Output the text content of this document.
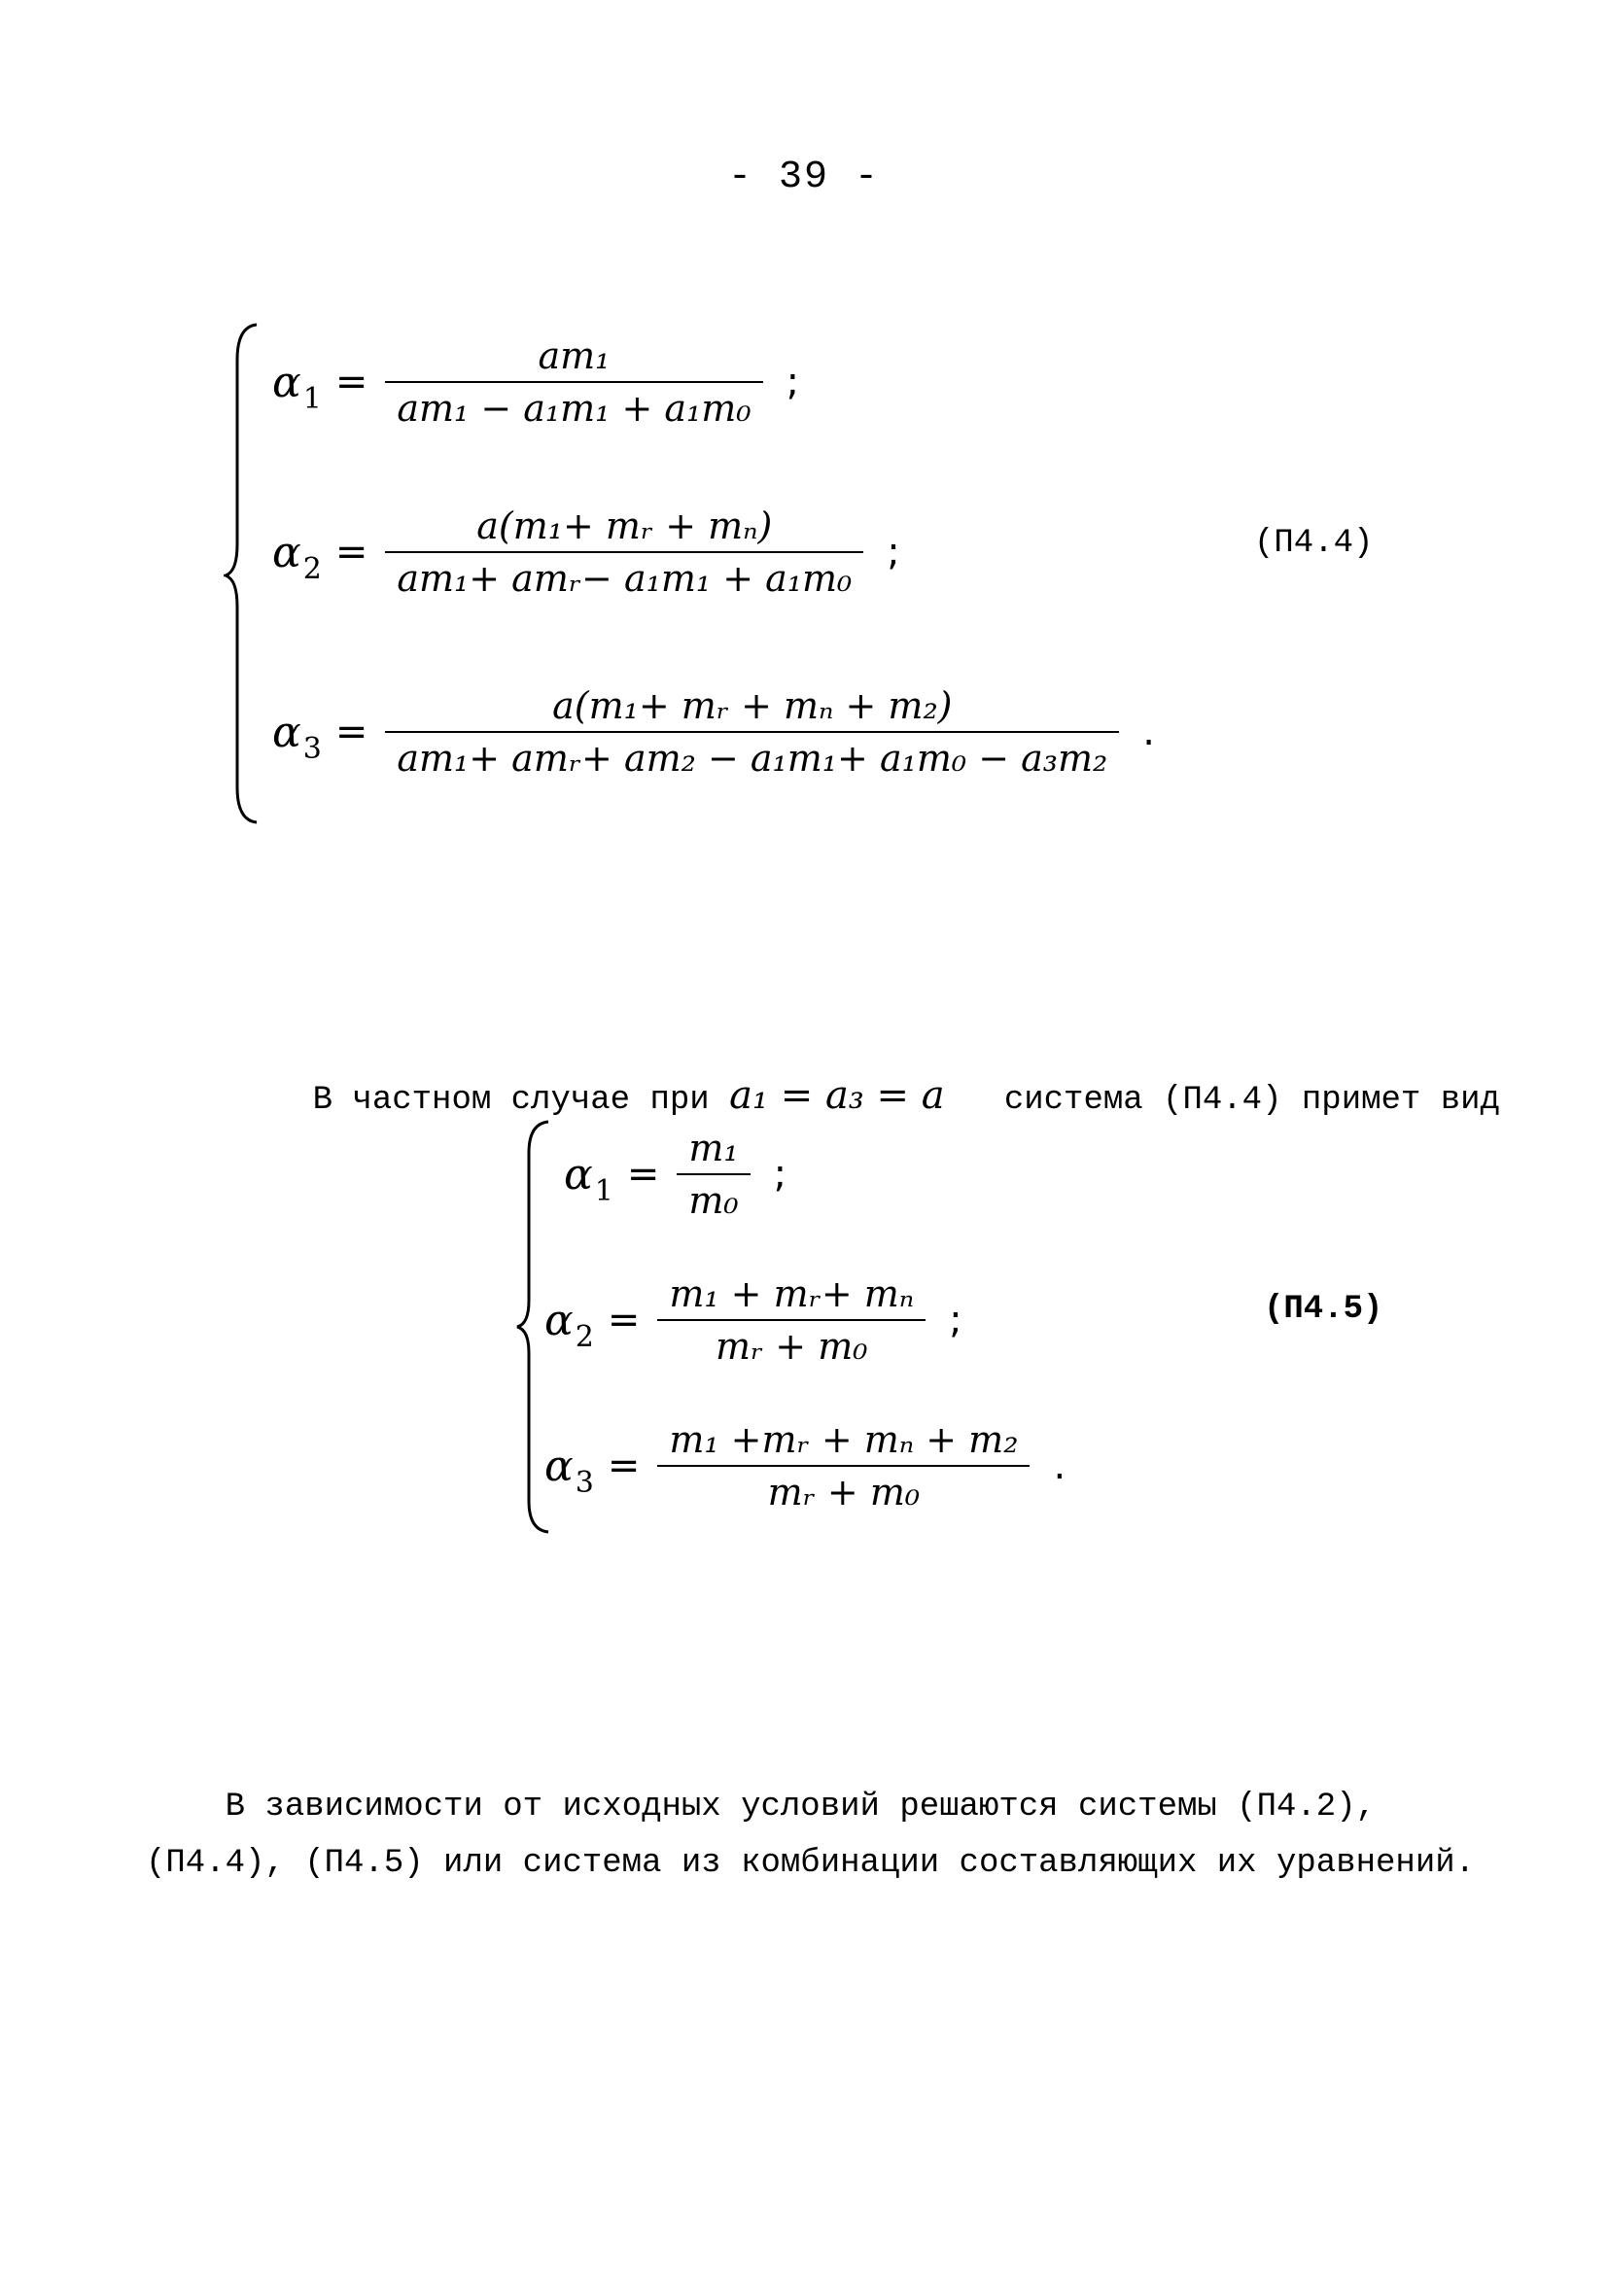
- 39 -
$\alpha_1 = \frac{\text{am₁}}{\text{am₁ − a₁m₁ + a₁m₀}}$ ;
$\alpha_2 = \frac{\text{a(m₁+ mᵣ + mₙ)}}{\text{am₁+ amᵣ− a₁m₁ + a₁m₀}}$ ;
$\alpha_3 = \frac{\text{a(m₁+ mᵣ + mₙ + m₂)}}{\text{am₁+ amᵣ+ am₂ − a₁m₁+ a₁m₀ − a₃m₂}}$ .
(П4.4)

В частном случае при a₁ = a₃ = a   система (П4.4) примет вид

$\alpha_1 = \frac{\text{m₁}}{\text{m₀}}$ ;
$\alpha_2 = \frac{\text{m₁ + mᵣ+ mₙ}}{\text{mᵣ + m₀}}$ ;
$\alpha_3 = \frac{\text{m₁ +mᵣ + mₙ + m₂}}{\text{mᵣ + m₀}}$ .
(П4.5)
В зависимости от исходных условий решаются системы (П4.2),
(П4.4), (П4.5) или система из комбинации составляющих их уравнений.
